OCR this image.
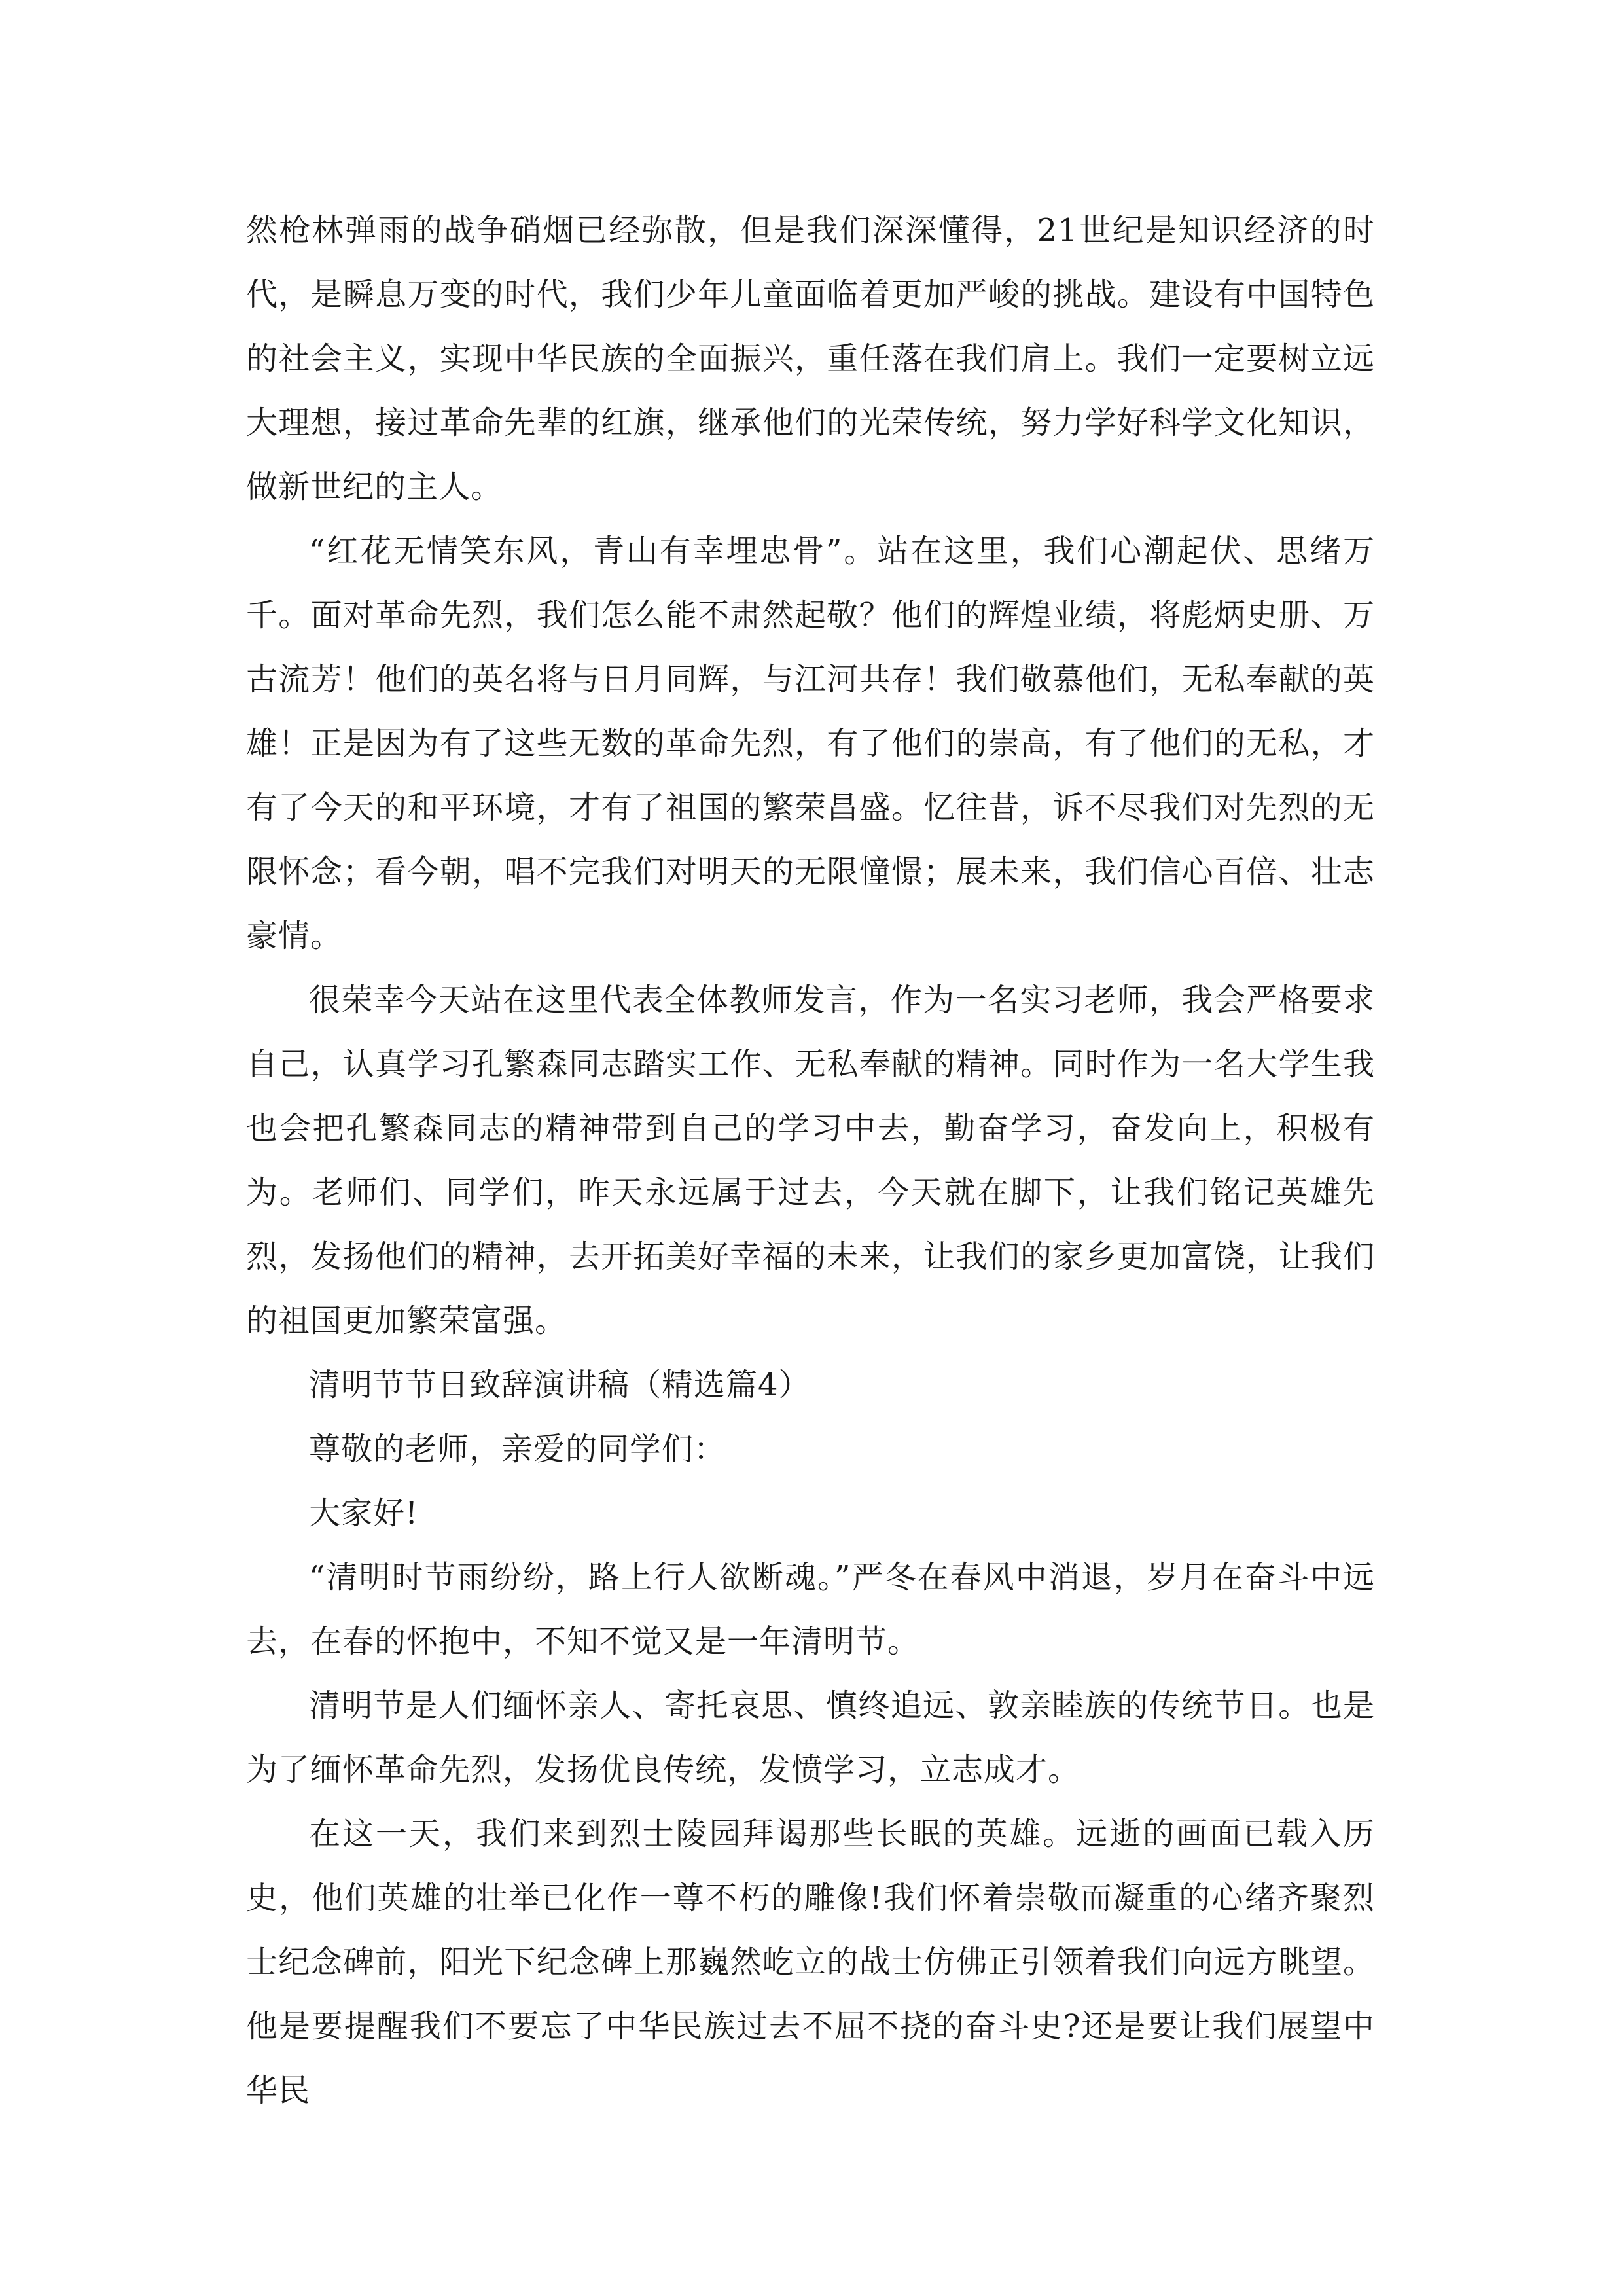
然枪林弹雨的战争硝烟已经弥散，但是我们深深懂得，21世纪是知识经济的时代，是瞬息万变的时代，我们少年儿童面临着更加严峻的挑战。建设有中国特色的社会主义，实现中华民族的全面振兴，重任落在我们肩上。我们一定要树立远大理想，接过革命先辈的红旗，继承他们的光荣传统，努力学好科学文化知识，做新世纪的主人。

“红花无情笑东风，青山有幸埋忠骨”。站在这里，我们心潮起伏、思绪万千。面对革命先烈，我们怎么能不肃然起敬？他们的辉煌业绩，将彪炳史册、万古流芳！他们的英名将与日月同辉，与江河共存！我们敬慕他们，无私奉献的英雄！正是因为有了这些无数的革命先烈，有了他们的崇高，有了他们的无私，才有了今天的和平环境，才有了祖国的繁荣昌盛。忆往昔，诉不尽我们对先烈的无限怀念；看今朝，唱不完我们对明天的无限憧憬；展未来，我们信心百倍、壮志豪情。

很荣幸今天站在这里代表全体教师发言，作为一名实习老师，我会严格要求自己，认真学习孔繁森同志踏实工作、无私奉献的精神。同时作为一名大学生我也会把孔繁森同志的精神带到自己的学习中去，勤奋学习，奋发向上，积极有为。老师们、同学们，昨天永远属于过去，今天就在脚下，让我们铭记英雄先烈，发扬他们的精神，去开拓美好幸福的未来，让我们的家乡更加富饶，让我们的祖国更加繁荣富强。

清明节节日致辞演讲稿（精选篇4）

尊敬的老师，亲爱的同学们：

大家好!

“清明时节雨纷纷，路上行人欲断魂。”严冬在春风中消退，岁月在奋斗中远去，在春的怀抱中，不知不觉又是一年清明节。

清明节是人们缅怀亲人、寄托哀思、慎终追远、敦亲睦族的传统节日。也是为了缅怀革命先烈，发扬优良传统，发愤学习，立志成才。

在这一天，我们来到烈士陵园拜谒那些长眠的英雄。远逝的画面已载入历史，他们英雄的壮举已化作一尊不朽的雕像!我们怀着崇敬而凝重的心绪齐聚烈士纪念碑前，阳光下纪念碑上那巍然屹立的战士仿佛正引领着我们向远方眺望。他是要提醒我们不要忘了中华民族过去不屈不挠的奋斗史?还是要让我们展望中华民
